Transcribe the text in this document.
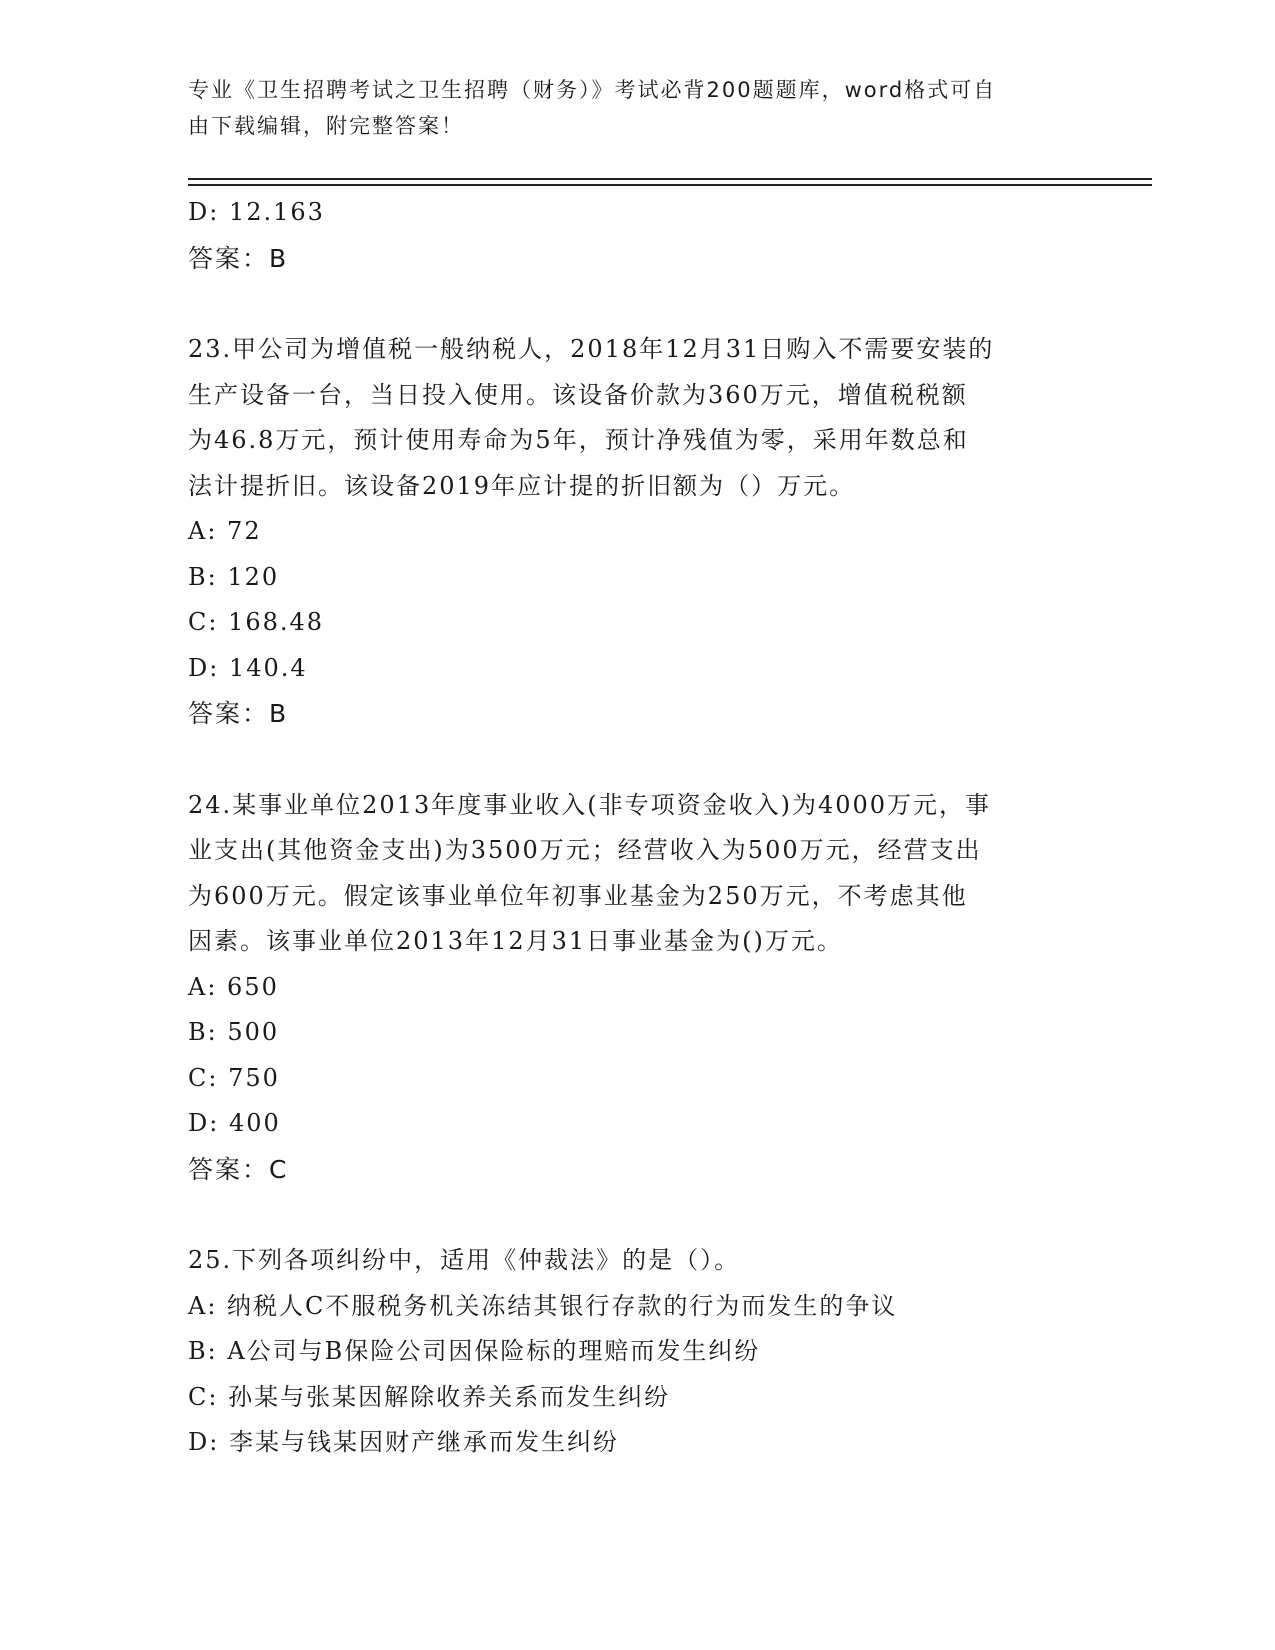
专业《卫生招聘考试之卫生招聘（财务）》考试必背200题题库，word格式可自
由下载编辑，附完整答案！
D: 12.163
答案：B
23.甲公司为增值税一般纳税人，2018年12月31日购入不需要安装的
生产设备一台，当日投入使用。该设备价款为360万元，增值税税额
为46.8万元，预计使用寿命为5年，预计净残值为零，采用年数总和
法计提折旧。该设备2019年应计提的折旧额为（）万元。
A: 72
B: 120
C: 168.48
D: 140.4
答案：B
24.某事业单位2013年度事业收入(非专项资金收入)为4000万元，事
业支出(其他资金支出)为3500万元；经营收入为500万元，经营支出
为600万元。假定该事业单位年初事业基金为250万元，不考虑其他
因素。该事业单位2013年12月31日事业基金为()万元。
A: 650
B: 500
C: 750
D: 400
答案：C
25.下列各项纠纷中，适用《仲裁法》的是（）。
A: 纳税人C不服税务机关冻结其银行存款的行为而发生的争议
B: A公司与B保险公司因保险标的理赔而发生纠纷
C: 孙某与张某因解除收养关系而发生纠纷
D: 李某与钱某因财产继承而发生纠纷
